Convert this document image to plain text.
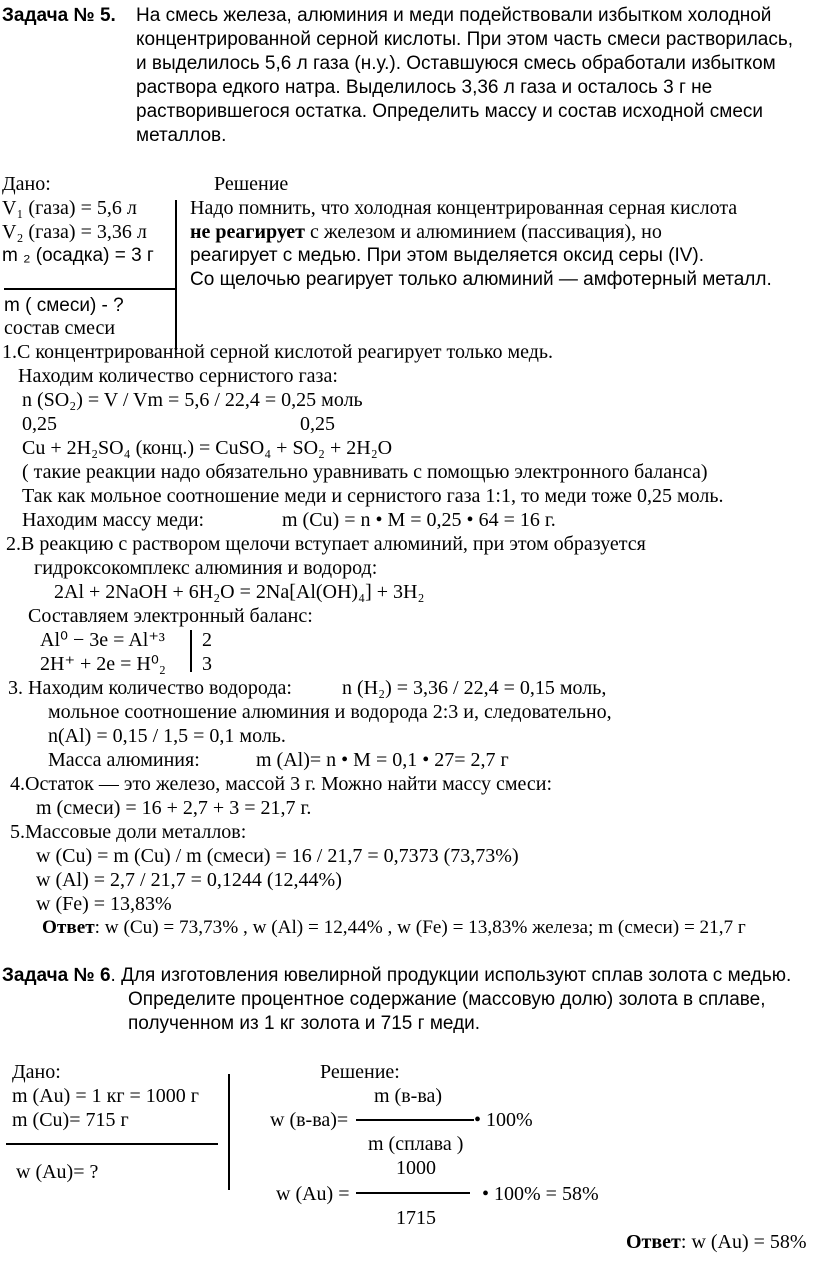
Задача № 5. На смесь железа, алюминия и меди подействовали избытком холодной
концентрированной серной кислоты. При этом часть смеси растворилась,
и выделилось 5,6 л газа (н.у.). Оставшуюся смесь обработали избытком
раствора едкого натра. Выделилось 3,36 л газа и осталось 3 г не
растворившегося остатка. Определить массу и состав исходной смеси
металлов.
Дано:	Решение
V₁ (газа) = 5,6 л
V₂ (газа) = 3,36 л
m ₂ (осадка) = 3 г
m ( смеси) - ?
состав смеси
Надо помнить, что холодная концентрированная серная кислота
не реагирует с железом и алюминием (пассивация), но
реагирует с медью. При этом выделяется оксид серы (IV).
Со щелочью реагирует только алюминий — амфотерный металл.
1.С концентрированной серной кислотой реагирует только медь.
Находим количество сернистого газа:
n (SO₂) = V / Vm = 5,6 / 22,4 = 0,25 моль
0,25	0,25
Cu + 2H₂SO₄ (конц.) = CuSO₄ + SO₂ + 2H₂O
( такие реакции надо обязательно уравнивать с помощью электронного баланса)
Так как мольное соотношение меди и сернистого газа 1:1, то меди тоже 0,25 моль.
Находим массу меди:	m (Cu) = n • M = 0,25 • 64 = 16 г.
2.В реакцию с раствором щелочи вступает алюминий, при этом образуется
гидроксокомплекс алюминия и водород:
2Al + 2NaOH + 6H₂O = 2Na[Al(OH)₄] + 3H₂
Составляем электронный баланс:
Al⁰ − 3e = Al⁺³ 2
2H⁺ + 2e = H⁰₂ 3
3. Находим количество водорода:	n (H₂) = 3,36 / 22,4 = 0,15 моль,
мольное соотношение алюминия и водорода 2:3 и, следовательно,
n(Al) = 0,15 / 1,5 = 0,1 моль.
Масса алюминия:	m (Al)= n • M = 0,1 • 27= 2,7 г
4.Остаток — это железо, массой 3 г. Можно найти массу смеси:
m (смеси) = 16 + 2,7 + 3 = 21,7 г.
5.Массовые доли металлов:
w (Cu) = m (Cu) / m (смеси) = 16 / 21,7 = 0,7373 (73,73%)
w (Al) = 2,7 / 21,7 = 0,1244 (12,44%)
w (Fe) = 13,83%
Ответ: w (Cu) = 73,73% , w (Al) = 12,44% , w (Fe) = 13,83% железа; m (смеси) = 21,7 г
Задача № 6. Для изготовления ювелирной продукции используют сплав золота с медью.
Определите процентное содержание (массовую долю) золота в сплаве,
полученном из 1 кг золота и 715 г меди.
Дано:	Решение:
m (Au) = 1 кг = 1000 г
m (Cu)= 715 г
w (Au)= ?
m (в-ва)
w (в-ва)=	• 100%
m (сплава )
1000
w (Au) =	• 100% = 58%
1715
Ответ: w (Au) = 58%
